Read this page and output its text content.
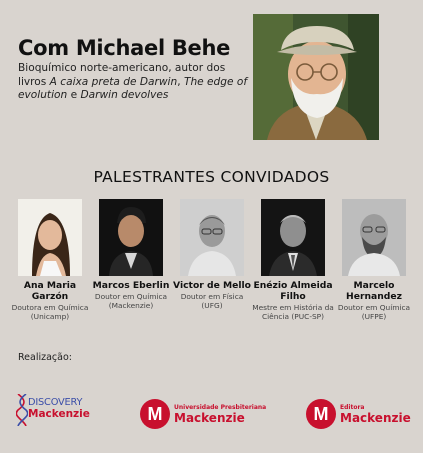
Com Michael Behe
Bioquímico norte-americano, autor dos livros A caixa preta de Darwin, The edge of evolution e Darwin devolves
PALESTRANTES CONVIDADOS
Ana Maria Garzón
Doutora em Química (Unicamp)
Marcos Eberlin
Doutor em Química (Mackenzie)
Victor de Mello
Doutor em Física (UFG)
Enézio Almeida Filho
Mestre em História da Ciência (PUC-SP)
Marcelo Hernandez
Doutor em Química (UFPE)
Realização:
DISCOVERY
Mackenzie	M	Universidade Presbiteriana
Mackenzie	M	Editora
Mackenzie
